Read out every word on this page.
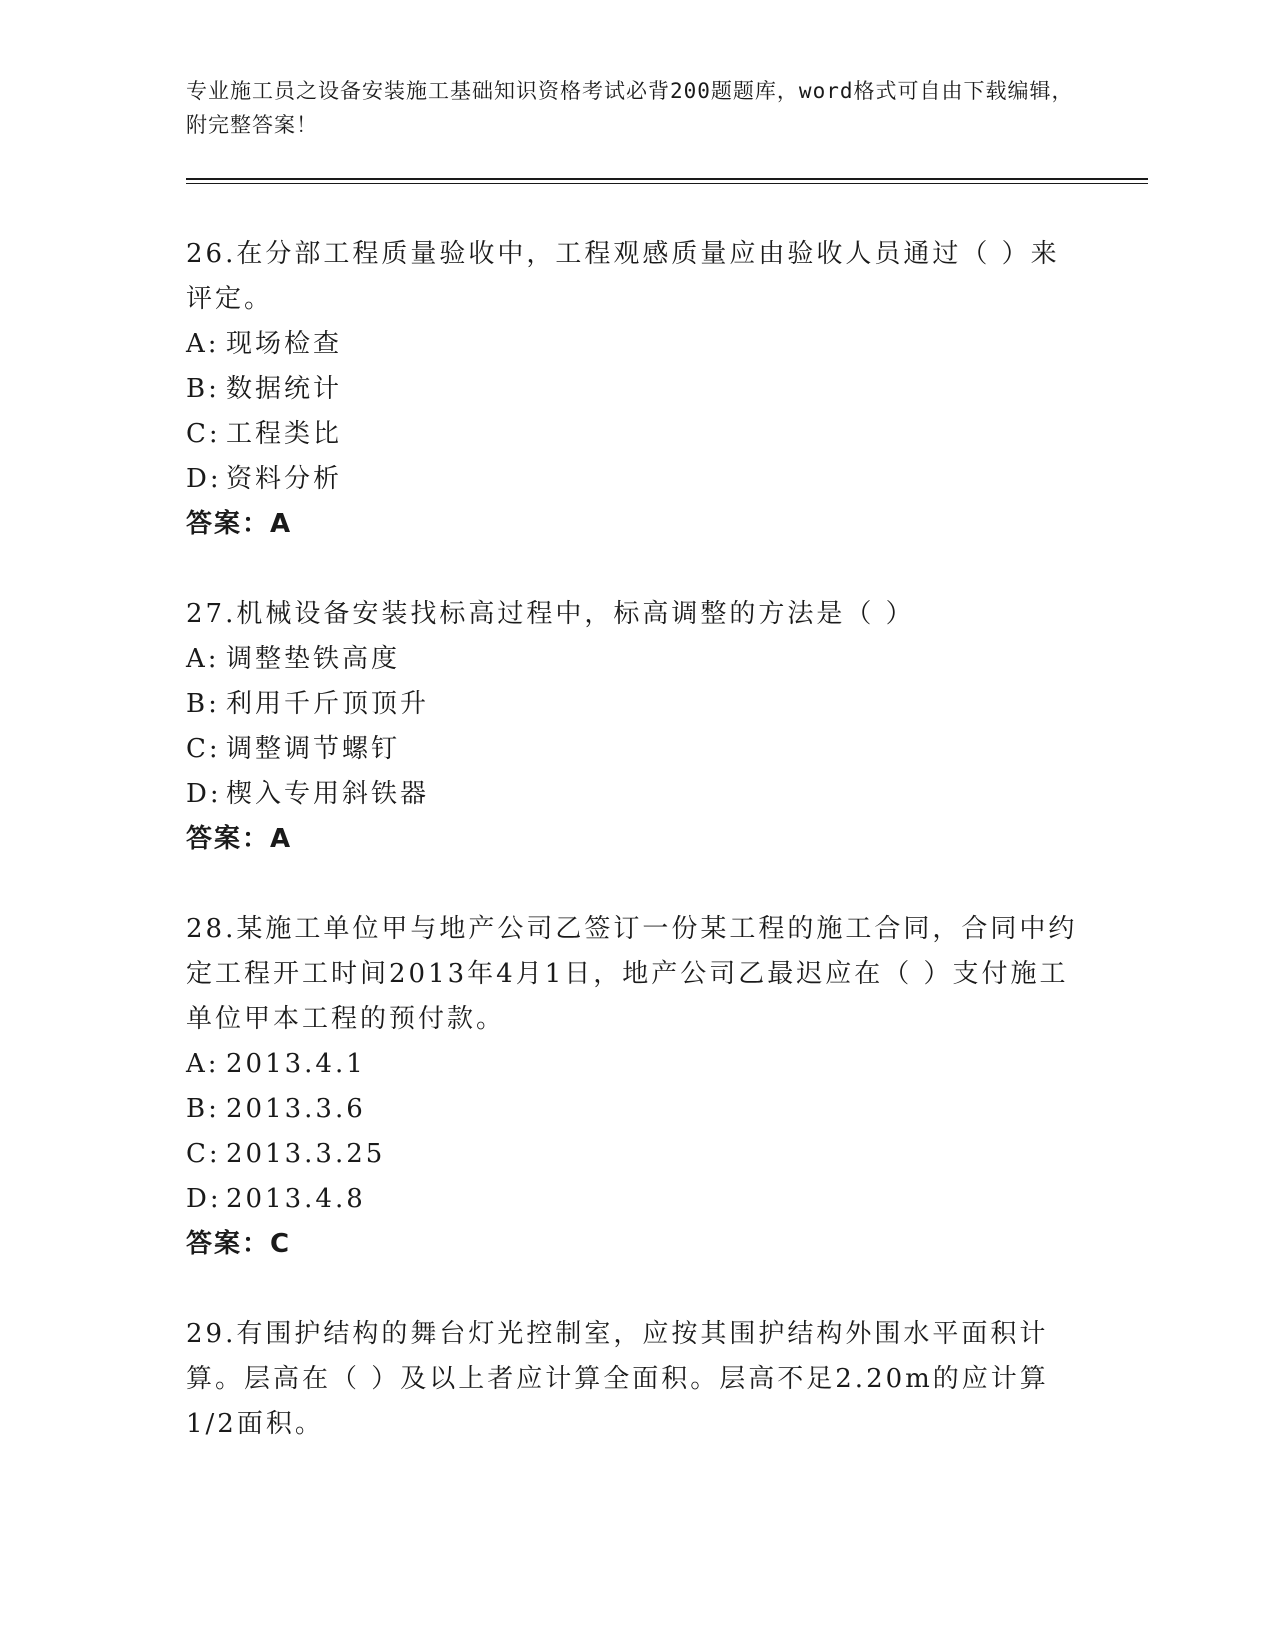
专业施工员之设备安装施工基础知识资格考试必背200题题库，word格式可自由下载编辑，附完整答案！

26.在分部工程质量验收中，工程观感质量应由验收人员通过（ ）来评定。

A: 现场检查
B: 数据统计
C: 工程类比
D: 资料分析
答案：A

27.机械设备安装找标高过程中，标高调整的方法是（ ）

A: 调整垫铁高度
B: 利用千斤顶顶升
C: 调整调节螺钉
D: 楔入专用斜铁器
答案：A

28.某施工单位甲与地产公司乙签订一份某工程的施工合同，合同中约定工程开工时间2013年4月1日，地产公司乙最迟应在（ ）支付施工单位甲本工程的预付款。

A: 2013.4.1
B: 2013.3.6
C: 2013.3.25
D: 2013.4.8
答案：C

29.有围护结构的舞台灯光控制室，应按其围护结构外围水平面积计算。层高在（ ）及以上者应计算全面积。层高不足2.20m的应计算1/2面积。
